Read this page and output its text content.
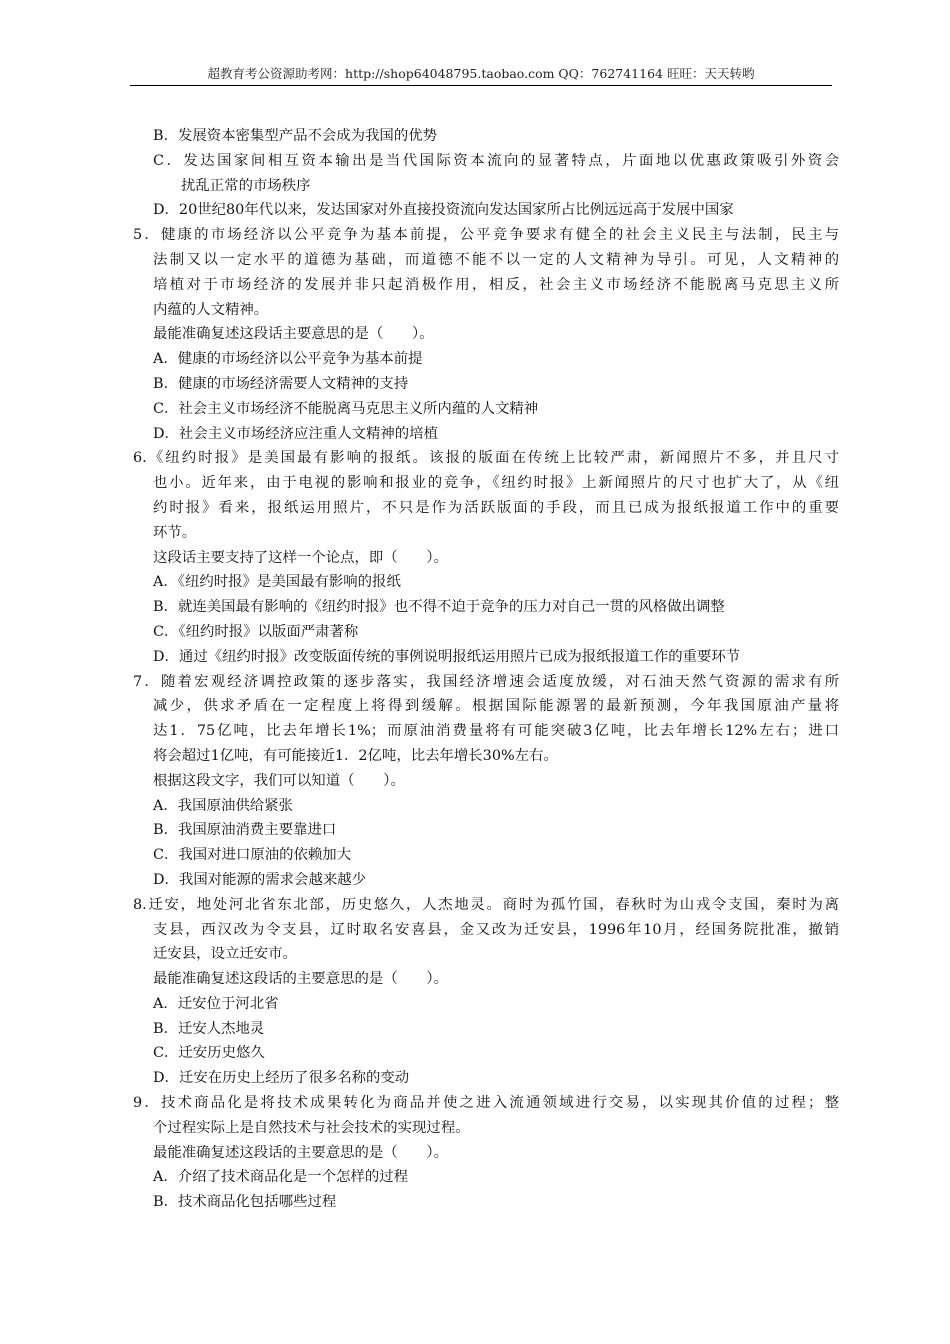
超教育考公资源助考网：http://shop64048795.taobao.com QQ：762741164 旺旺：天天转哟
B．发展资本密集型产品不会成为我国的优势
C．发达国家间相互资本输出是当代国际资本流向的显著特点，片面地以优惠政策吸引外资会
扰乱正常的市场秩序
D．20世纪80年代以来，发达国家对外直接投资流向发达国家所占比例远远高于发展中国家
5．健康的市场经济以公平竞争为基本前提，公平竞争要求有健全的社会主义民主与法制，民主与
法制又以一定水平的道德为基础，而道德不能不以一定的人文精神为导引。可见，人文精神的
培植对于市场经济的发展并非只起消极作用，相反，社会主义市场经济不能脱离马克思主义所
内蕴的人文精神。
最能准确复述这段话主要意思的是（　　）。
A．健康的市场经济以公平竞争为基本前提
B．健康的市场经济需要人文精神的支持
C．社会主义市场经济不能脱离马克思主义所内蕴的人文精神
D．社会主义市场经济应注重人文精神的培植
6.《纽约时报》是美国最有影响的报纸。该报的版面在传统上比较严肃，新闻照片不多，并且尺寸
也小。近年来，由于电视的影响和报业的竞争，《纽约时报》上新闻照片的尺寸也扩大了，从《纽
约时报》看来，报纸运用照片，不只是作为活跃版面的手段，而且已成为报纸报道工作中的重要
环节。
这段话主要支持了这样一个论点，即（　　）。
A．《纽约时报》是美国最有影响的报纸
B．就连美国最有影响的《纽约时报》也不得不迫于竞争的压力对自己一贯的风格做出调整
C．《纽约时报》以版面严肃著称
D．通过《纽约时报》改变版面传统的事例说明报纸运用照片已成为报纸报道工作的重要环节
7．随着宏观经济调控政策的逐步落实，我国经济增速会适度放缓，对石油天然气资源的需求有所
减少，供求矛盾在一定程度上将得到缓解。根据国际能源署的最新预测，今年我国原油产量将
达1．75亿吨，比去年增长1%；而原油消费量将有可能突破3亿吨，比去年增长12%左右；进口
将会超过1亿吨，有可能接近1．2亿吨，比去年增长30%左右。
根据这段文字，我们可以知道（　　）。
A．我国原油供给紧张
B．我国原油消费主要靠进口
C．我国对进口原油的依赖加大
D．我国对能源的需求会越来越少
8.迁安，地处河北省东北部，历史悠久，人杰地灵。商时为孤竹国，春秋时为山戎令支国，秦时为离
支县，西汉改为令支县，辽时取名安喜县，金又改为迁安县，1996年10月，经国务院批准，撤销
迁安县，设立迁安市。
最能准确复述这段话的主要意思的是（　　）。
A．迁安位于河北省
B．迁安人杰地灵
C．迁安历史悠久
D．迁安在历史上经历了很多名称的变动
9．技术商品化是将技术成果转化为商品并使之进入流通领域进行交易，以实现其价值的过程；整
个过程实际上是自然技术与社会技术的实现过程。
最能准确复述这段话的主要意思的是（　　）。
A．介绍了技术商品化是一个怎样的过程
B．技术商品化包括哪些过程
